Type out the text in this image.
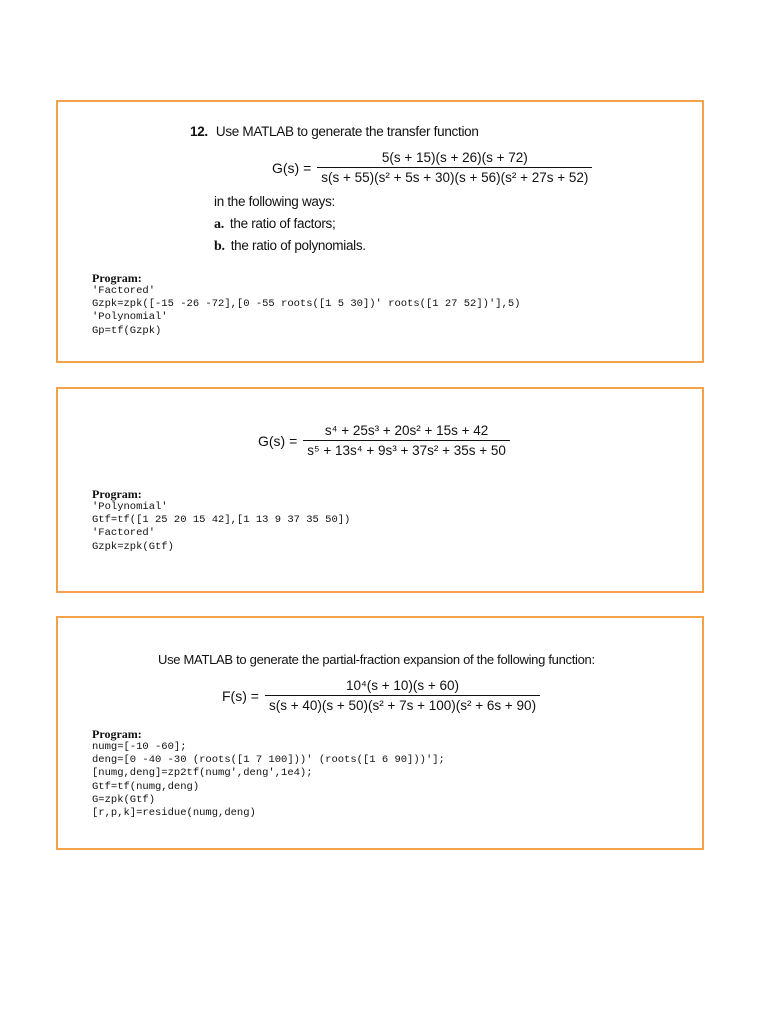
12. Use MATLAB to generate the transfer function
$G(s) = \frac{5(s + 15)(s + 26)(s + 72)}{\text{s(s + 55)(s² + 5s + 30)(s + 56)(s² + 27s + 52)}}$
in the following ways:
a. the ratio of factors;
b. the ratio of polynomials.
Program:
'Factored'
Gzpk=zpk([-15 -26 -72],[0 -55 roots([1 5 30])' roots([1 27 52])'],5)
'Polynomial'
Gp=tf(Gzpk)
$G(s) = \frac{\text{s⁴ + 25s³ + 20s² + 15s + 42}}{\text{s⁵ + 13s⁴ + 9s³ + 37s² + 35s + 50}}$
Program:
'Polynomial'
Gtf=tf([1 25 20 15 42],[1 13 9 37 35 50])
'Factored'
Gzpk=zpk(Gtf)
Use MATLAB to generate the partial-fraction expansion of the following function:
$F(s) = \frac{\text{10⁴(s + 10)(s + 60)}}{\text{s(s + 40)(s + 50)(s² + 7s + 100)(s² + 6s + 90)}}$
Program:
numg=[-10 -60];
deng=[0 -40 -30 (roots([1 7 100]))' (roots([1 6 90]))'];
[numg,deng]=zp2tf(numg',deng',1e4);
Gtf=tf(numg,deng)
G=zpk(Gtf)
[r,p,k]=residue(numg,deng)
